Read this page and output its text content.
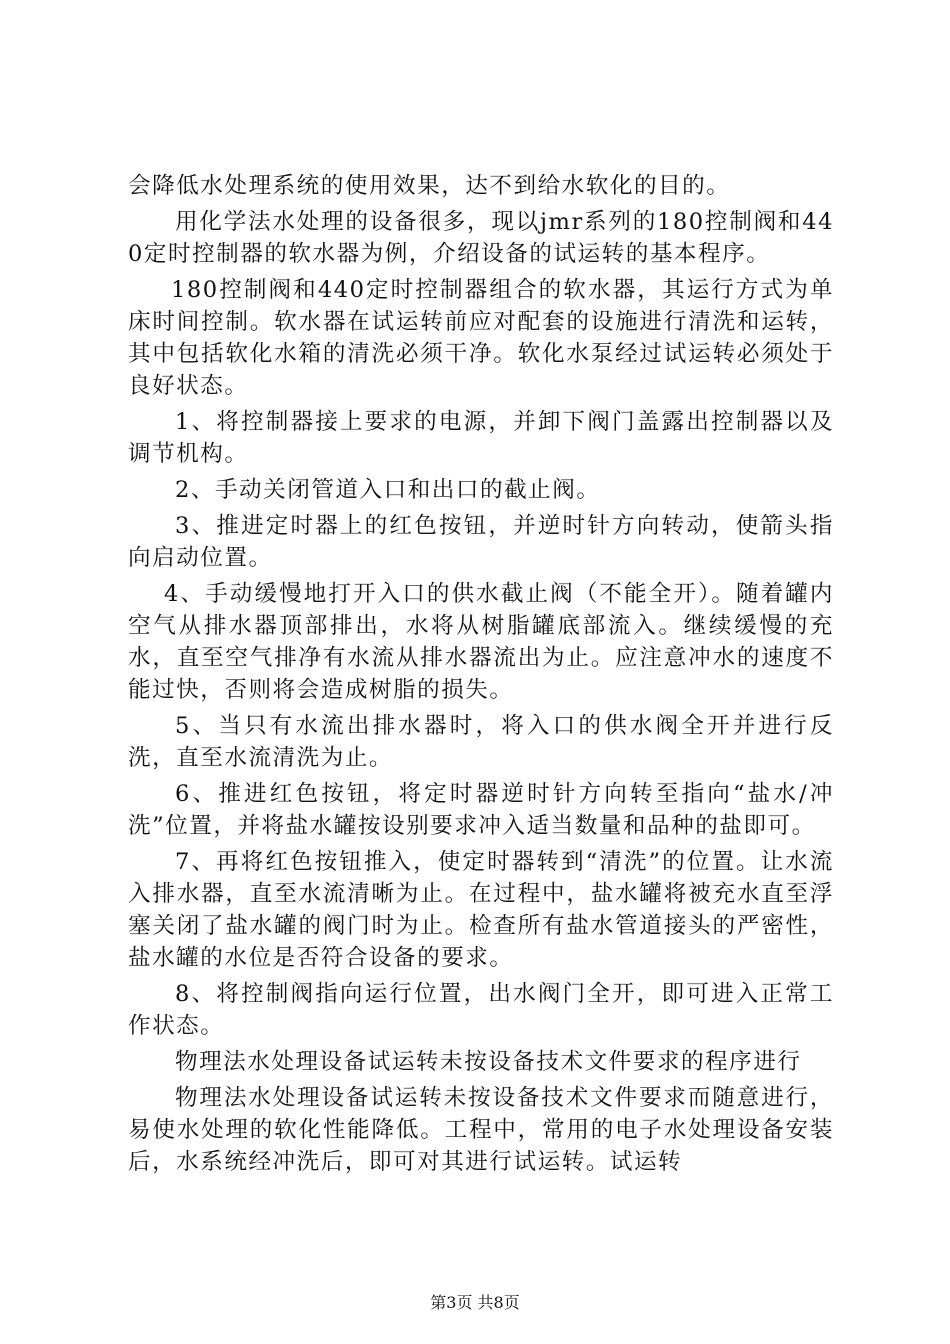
会降低水处理系统的使用效果，达不到给水软化的目的。

用化学法水处理的设备很多，现以jmr系列的180控制阀和440定时控制器的软水器为例，介绍设备的试运转的基本程序。

180控制阀和440定时控制器组合的软水器，其运行方式为单床时间控制。软水器在试运转前应对配套的设施进行清洗和运转，其中包括软化水箱的清洗必须干净。软化水泵经过试运转必须处于良好状态。

1、将控制器接上要求的电源，并卸下阀门盖露出控制器以及调节机构。

2、手动关闭管道入口和出口的截止阀。

3、推进定时器上的红色按钮，并逆时针方向转动，使箭头指向启动位置。

4、手动缓慢地打开入口的供水截止阀（不能全开）。随着罐内空气从排水器顶部排出，水将从树脂罐底部流入。继续缓慢的充水，直至空气排净有水流从排水器流出为止。应注意冲水的速度不能过快，否则将会造成树脂的损失。

5、当只有水流出排水器时，将入口的供水阀全开并进行反洗，直至水流清洗为止。

6、推进红色按钮，将定时器逆时针方向转至指向“盐水/冲洗”位置，并将盐水罐按设别要求冲入适当数量和品种的盐即可。

7、再将红色按钮推入，使定时器转到“清洗”的位置。让水流入排水器，直至水流清晰为止。在过程中，盐水罐将被充水直至浮塞关闭了盐水罐的阀门时为止。检查所有盐水管道接头的严密性，盐水罐的水位是否符合设备的要求。

8、将控制阀指向运行位置，出水阀门全开，即可进入正常工作状态。

物理法水处理设备试运转未按设备技术文件要求的程序进行

物理法水处理设备试运转未按设备技术文件要求而随意进行，易使水处理的软化性能降低。工程中，常用的电子水处理设备安装后，水系统经冲洗后，即可对其进行试运转。试运转

第3页 共8页
